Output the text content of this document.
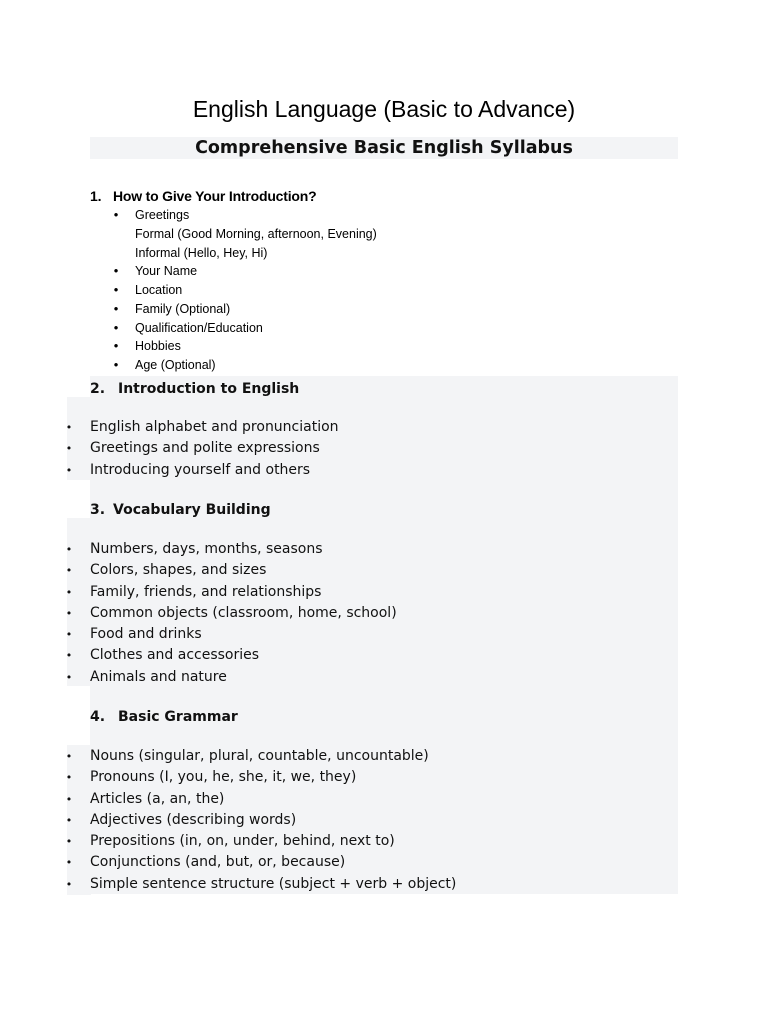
English Language (Basic to Advance)
Comprehensive Basic English Syllabus
1. How to Give Your Introduction?
• Greetings
Formal (Good Morning, afternoon, Evening)
Informal (Hello, Hey, Hi)
• Your Name
• Location
• Family (Optional)
• Qualification/Education
• Hobbies
• Age (Optional)
2. Introduction to English
• English alphabet and pronunciation
• Greetings and polite expressions
• Introducing yourself and others
3. Vocabulary Building
• Numbers, days, months, seasons
• Colors, shapes, and sizes
• Family, friends, and relationships
• Common objects (classroom, home, school)
• Food and drinks
• Clothes and accessories
• Animals and nature
4. Basic Grammar
• Nouns (singular, plural, countable, uncountable)
• Pronouns (I, you, he, she, it, we, they)
• Articles (a, an, the)
• Adjectives (describing words)
• Prepositions (in, on, under, behind, next to)
• Conjunctions (and, but, or, because)
• Simple sentence structure (subject + verb + object)
